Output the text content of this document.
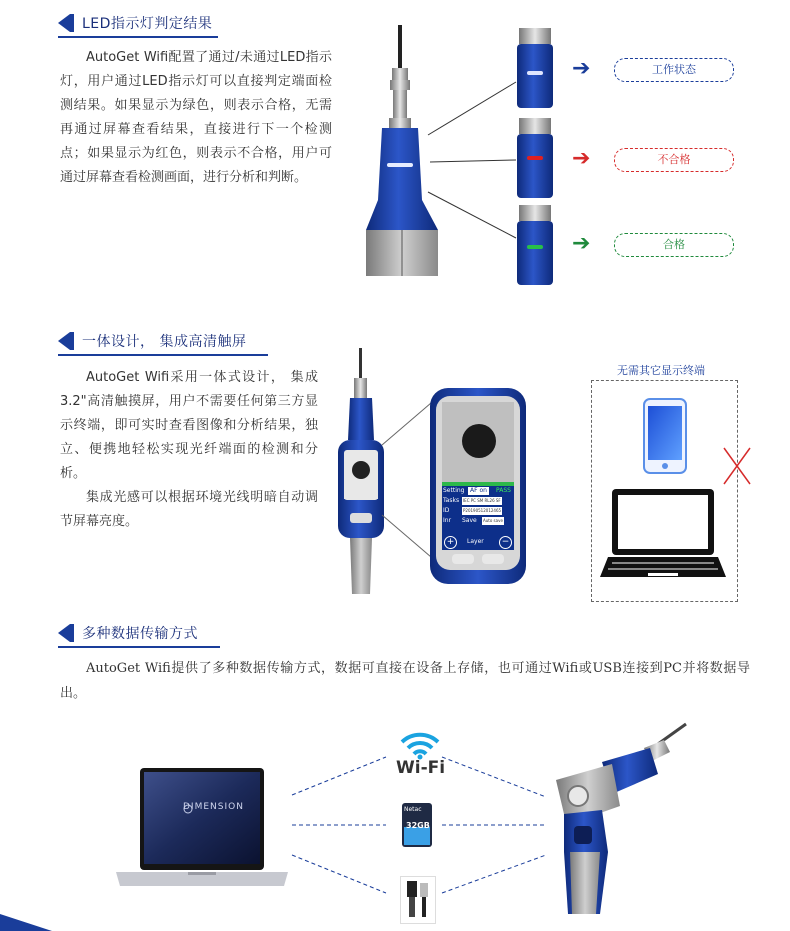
LED指示灯判定结果

AutoGet Wifi配置了通过/未通过LED指示灯，用户通过LED指示灯可以直接判定端面检测结果。如果显示为绿色，则表示合格，无需再通过屏幕查看结果，直接进行下一个检测点；如果显示为红色，则表示不合格，用户可通过屏幕查看检测画面，进行分析和判断。

➔
➔
➔
工作状态
不合格
合格
一体设计， 集成高清触屏

AutoGet Wifi采用一体式设计， 集成3.2"高清触摸屏，用户不需要任何第三方显示终端，即可实时查看图像和分析结果，独立、便携地轻松实现光纤端面的检测和分析。

集成光感可以根据环境光线明暗自动调节屏幕亮度。

Setting AF on	PASS
Tasks IEC PC SM RL26 SF
ID	P20190512012465
Inr Save Auto save
+	Layer	−
无需其它显示终端
多种数据传输方式

AutoGet Wifi提供了多种数据传输方式，数据可直接在设备上存储，也可通过Wifi或USB连接到PC并将数据导出。

DIMENSION
Wi-Fi
Netac
32GB
